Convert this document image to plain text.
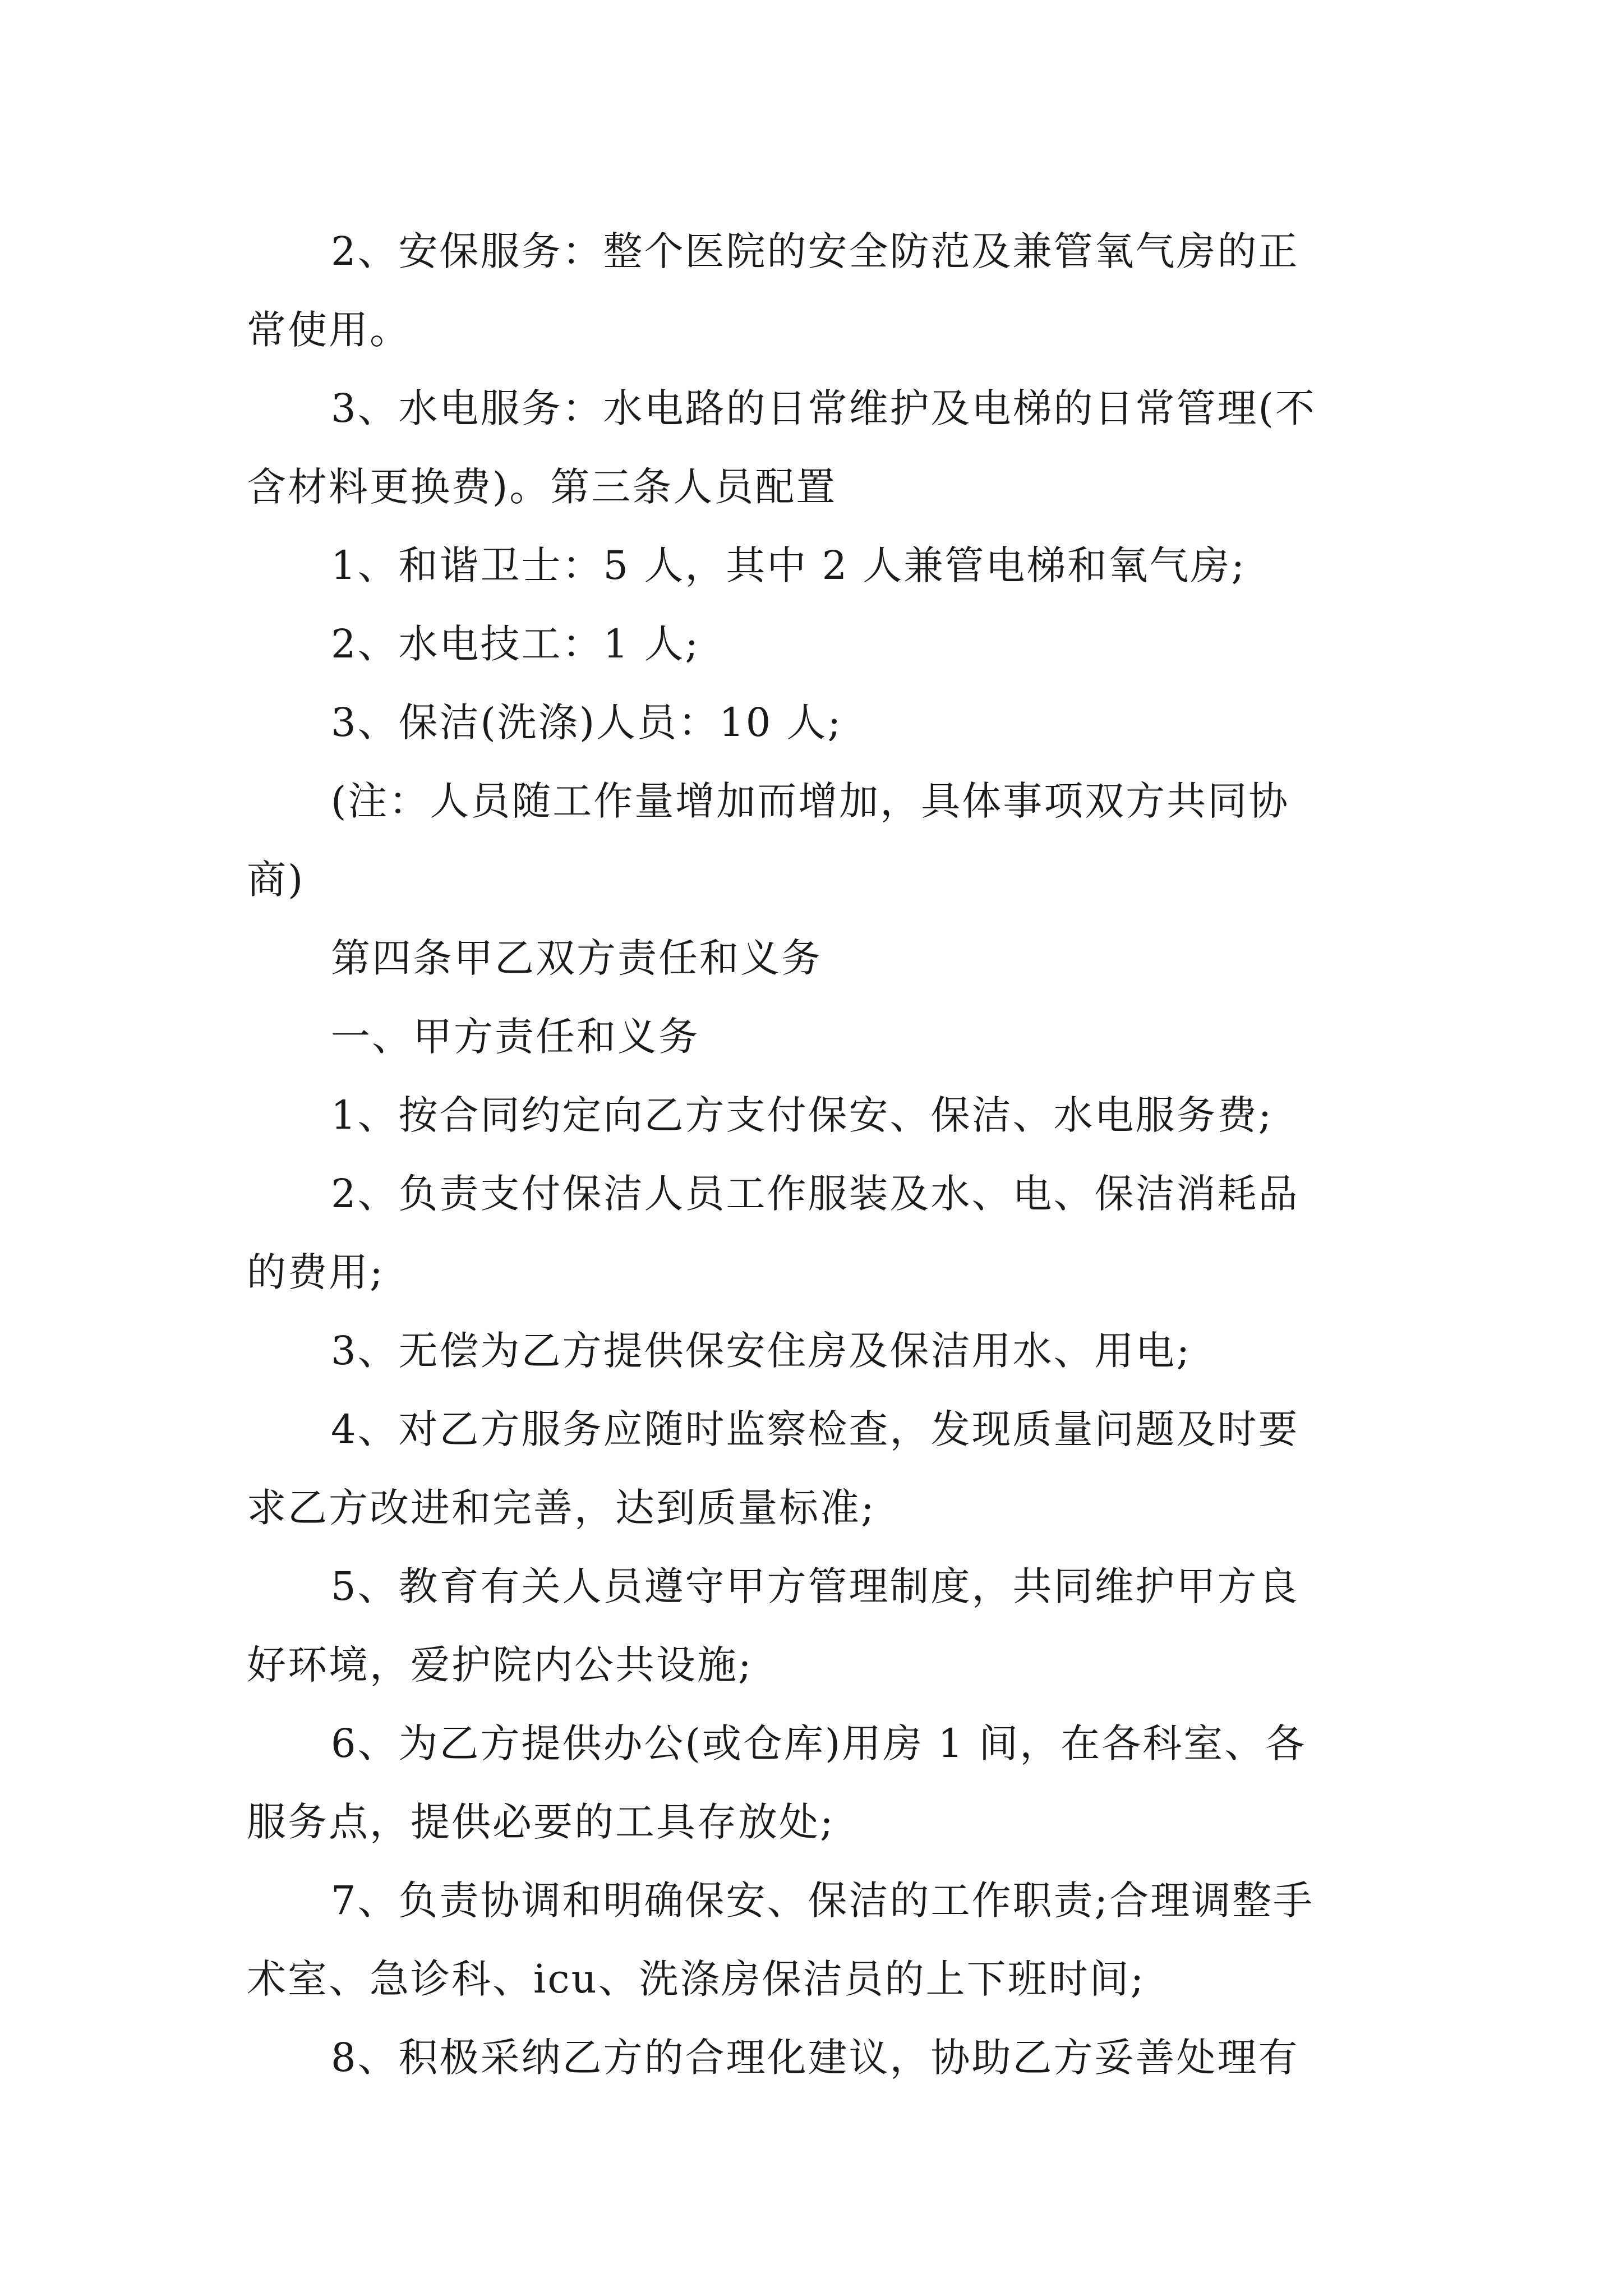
2、安保服务：整个医院的安全防范及兼管氧气房的正
常使用。
3、水电服务：水电路的日常维护及电梯的日常管理(不
含材料更换费)。第三条人员配置
1、和谐卫士：5 人，其中 2 人兼管电梯和氧气房;
2、水电技工：1 人;
3、保洁(洗涤)人员：10 人;
(注：人员随工作量增加而增加，具体事项双方共同协
商)
第四条甲乙双方责任和义务
一、甲方责任和义务
1、按合同约定向乙方支付保安、保洁、水电服务费;
2、负责支付保洁人员工作服装及水、电、保洁消耗品
的费用;
3、无偿为乙方提供保安住房及保洁用水、用电;
4、对乙方服务应随时监察检查，发现质量问题及时要
求乙方改进和完善，达到质量标准;
5、教育有关人员遵守甲方管理制度，共同维护甲方良
好环境，爱护院内公共设施;
6、为乙方提供办公(或仓库)用房 1 间，在各科室、各
服务点，提供必要的工具存放处;
7、负责协调和明确保安、保洁的工作职责;合理调整手
术室、急诊科、icu、洗涤房保洁员的上下班时间;
8、积极采纳乙方的合理化建议，协助乙方妥善处理有
